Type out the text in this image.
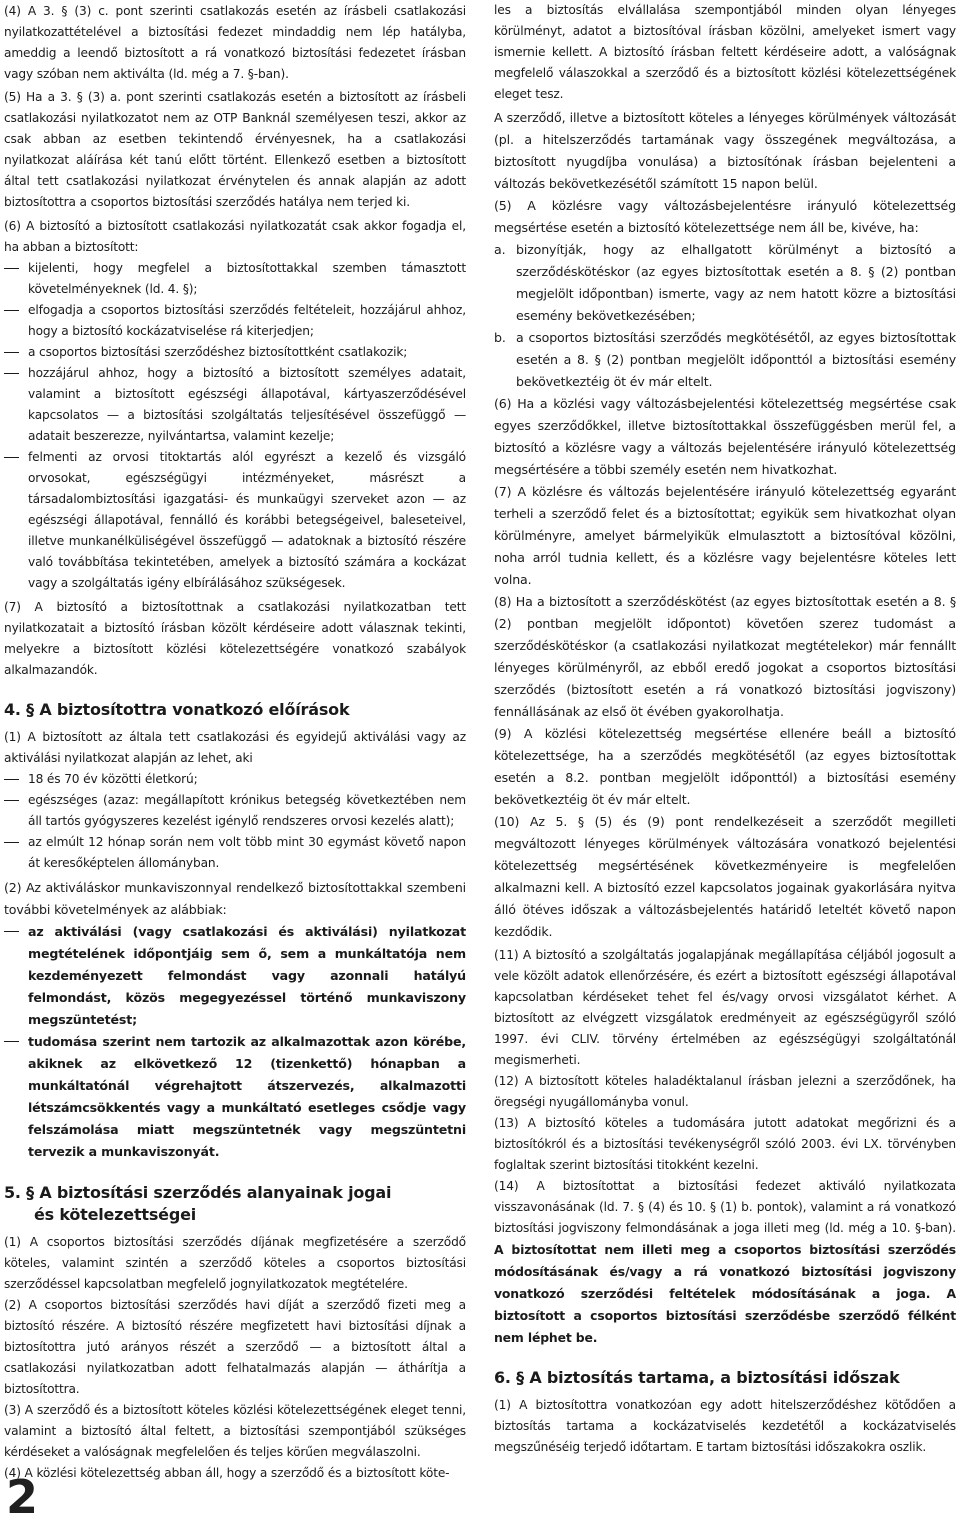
(4) A 3. § (3) c. pont szerinti csatlakozás esetén az írásbeli csatlakozási nyilatkozattételével a biztosítási fedezet mindaddig nem lép hatályba, ameddig a leendő biztosított a rá vonatkozó biztosítási fedezetet írásban vagy szóban nem aktiválta (ld. még a 7. §-ban).

(5) Ha a 3. § (3) a. pont szerinti csatlakozás esetén a biztosított az írásbeli csatlakozási nyilatkozatot nem az OTP Banknál személyesen teszi, akkor az csak abban az esetben tekintendő érvényesnek, ha a csatlakozási nyilatkozat aláírása két tanú előtt történt. Ellenkező esetben a biztosított által tett csatlakozási nyilatkozat érvénytelen és annak alapján az adott biztosítottra a csoportos biztosítási szerződés hatálya nem terjed ki.

(6) A biztosító a biztosított csatlakozási nyilatkozatát csak akkor fogadja el, ha abban a biztosított:

kijelenti, hogy megfelel a biztosítottakkal szemben támasztott követelményeknek (ld. 4. §);
elfogadja a csoportos biztosítási szerződés feltételeit, hozzájárul ahhoz, hogy a biztosító kockázatviselése rá kiterjedjen;
a csoportos biztosítási szerződéshez biztosítottként csatlakozik;
hozzájárul ahhoz, hogy a biztosító a biztosított személyes adatait, valamint a biztosított egészségi állapotával, kártyaszerződésével kapcsolatos — a biztosítási szolgáltatás teljesítésével összefüggő — adatait beszerezze, nyilvántartsa, valamint kezelje;
felmenti az orvosi titoktartás alól egyrészt a kezelő és vizsgáló orvosokat, egészségügyi intézményeket, másrészt a társadalombiztosítási igazgatási- és munkaügyi szerveket azon — az egészségi állapotával, fennálló és korábbi betegségeivel, baleseteivel, illetve munkanélküliségével összefüggő — adatoknak a biztosító részére való továbbítása tekintetében, amelyek a biztosító számára a kockázat vagy a szolgáltatás igény elbírálásához szükségesek.

(7) A biztosító a biztosítottnak a csatlakozási nyilatkozatban tett nyilatkozatait a biztosító írásban közölt kérdéseire adott válasznak tekinti, melyekre a biztosított közlési kötelezettségére vonatkozó szabályok alkalmazandók.

4. § A biztosítottra vonatkozó előírások

(1) A biztosított az általa tett csatlakozási és egyidejű aktiválási vagy az aktiválási nyilatkozat alapján az lehet, aki

18 és 70 év közötti életkorú;
egészséges (azaz: megállapított krónikus betegség következtében nem áll tartós gyógyszeres kezelést igénylő rendszeres orvosi kezelés alatt);
az elmúlt 12 hónap során nem volt több mint 30 egymást követő napon át keresőképtelen állományban.

(2) Az aktiváláskor munkaviszonnyal rendelkező biztosítottakkal szembeni további követelmények az alábbiak:

az aktiválási (vagy csatlakozási és aktiválási) nyilatkozat megtételének időpontjáig sem ő, sem a munkáltatója nem kezdeményezett felmondást vagy azonnali hatályú felmondást, közös megegyezéssel történő munkaviszony megszüntetést;
tudomása szerint nem tartozik az alkalmazottak azon körébe, akiknek az elkövetkező 12 (tizenkettő) hónapban a munkáltatónál végrehajtott átszervezés, alkalmazotti létszámcsökkentés vagy a munkáltató esetleges csődje vagy felszámolása miatt megszüntetnék vagy megszüntetni tervezik a munkaviszonyát.
5. § A biztosítási szerződés alanyainak jogai
és kötelezettségei

(1) A csoportos biztosítási szerződés díjának megfizetésére a szerződő köteles, valamint szintén a szerződő köteles a csoportos biztosítási szerződéssel kapcsolatban megfelelő jognyilatkozatok megtételére.

(2) A csoportos biztosítási szerződés havi díját a szerződő fizeti meg a biztosító részére. A biztosító részére megfizetett havi biztosítási díjnak a biztosítottra jutó arányos részét a szerződő — a biztosított által a csatlakozási nyilatkozatban adott felhatalmazás alapján — áthárítja a biztosítottra.

(3) A szerződő és a biztosított köteles közlési kötelezettségének eleget tenni, valamint a biztosító által feltett, a biztosítási szempontjából szükséges kérdéseket a valóságnak megfelelően és teljes körűen megválaszolni.

(4) A közlési kötelezettség abban áll, hogy a szerződő és a biztosított köte-

les a biztosítás elvállalása szempontjából minden olyan lényeges körülményt, adatot a biztosítóval írásban közölni, amelyeket ismert vagy ismernie kellett. A biztosító írásban feltett kérdéseire adott, a valóságnak megfelelő válaszokkal a szerződő és a biztosított közlési kötelezettségének eleget tesz.

A szerződő, illetve a biztosított köteles a lényeges körülmények változását (pl. a hitelszerződés tartamának vagy összegének megváltozása, a biztosított nyugdíjba vonulása) a biztosítónak írásban bejelenteni a változás bekövetkezésétől számított 15 napon belül.

(5) A közlésre vagy változásbejelentésre irányuló kötelezettség megsértése esetén a biztosító kötelezettsége nem áll be, kivéve, ha:

a. bizonyítják, hogy az elhallgatott körülményt a biztosító a szerződéskötéskor (az egyes biztosítottak esetén a 8. § (2) pontban megjelölt időpontban) ismerte, vagy az nem hatott közre a biztosítási esemény bekövetkezésében;
b. a csoportos biztosítási szerződés megkötésétől, az egyes biztosítottak esetén a 8. § (2) pontban megjelölt időponttól a biztosítási esemény bekövetkeztéig öt év már eltelt.

(6) Ha a közlési vagy változásbejelentési kötelezettség megsértése csak egyes szerződőkkel, illetve biztosítottakkal összefüggésben merül fel, a biztosító a közlésre vagy a változás bejelentésére irányuló kötelezettség megsértésére a többi személy esetén nem hivatkozhat.

(7) A közlésre és változás bejelentésére irányuló kötelezettség egyaránt terheli a szerződő felet és a biztosítottat; egyikük sem hivatkozhat olyan körülményre, amelyet bármelyikük elmulasztott a biztosítóval közölni, noha arról tudnia kellett, és a közlésre vagy bejelentésre köteles lett volna.

(8) Ha a biztosított a szerződéskötést (az egyes biztosítottak esetén a 8. § (2) pontban megjelölt időpontot) követően szerez tudomást a szerződéskötéskor (a csatlakozási nyilatkozat megtételekor) már fennállt lényeges körülményről, az ebből eredő jogokat a csoportos biztosítási szerződés (biztosított esetén a rá vonatkozó biztosítási jogviszony) fennállásának az első öt évében gyakorolhatja.

(9) A közlési kötelezettség megsértése ellenére beáll a biztosító kötelezettsége, ha a szerződés megkötésétől (az egyes biztosítottak esetén a 8.2. pontban megjelölt időponttól) a biztosítási esemény bekövetkeztéig öt év már eltelt.

(10) Az 5. § (5) és (9) pont rendelkezéseit a szerződőt megilleti megváltozott lényeges körülmények változására vonatkozó bejelentési kötelezettség megsértésének következményeire is megfelelően alkalmazni kell. A biztosító ezzel kapcsolatos jogainak gyakorlására nyitva álló ötéves időszak a változásbejelentés határidő leteltét követő napon kezdődik.

(11) A biztosító a szolgáltatás jogalapjának megállapítása céljából jogosult a vele közölt adatok ellenőrzésére, és ezért a biztosított egészségi állapotával kapcsolatban kérdéseket tehet fel és/vagy orvosi vizsgálatot kérhet. A biztosított az elvégzett vizsgálatok eredményeit az egészségügyről szóló 1997. évi CLIV. törvény értelmében az egészségügyi szolgáltatónál megismerheti.

(12) A biztosított köteles haladéktalanul írásban jelezni a szerződőnek, ha öregségi nyugállományba vonul.

(13) A biztosító köteles a tudomására jutott adatokat megőrizni és a biztosítókról és a biztosítási tevékenységről szóló 2003. évi LX. törvényben foglaltak szerint biztosítási titokként kezelni.

(14) A biztosítottat a biztosítási fedezet aktiváló nyilatkozata visszavonásának (ld. 7. § (4) és 10. § (1) b. pontok), valamint a rá vonatkozó biztosítási jogviszony felmondásának a joga illeti meg (ld. még a 10. §-ban). A biztosítottat nem illeti meg a csoportos biztosítási szerződés módosításának és/vagy a rá vonatkozó biztosítási jogviszony vonatkozó szerződési feltételek módosításának a joga. A biztosított a csoportos biztosítási szerződésbe szerződő félként nem léphet be.

6. § A biztosítás tartama, a biztosítási időszak

(1) A biztosítottra vonatkozóan egy adott hitelszerződéshez kötődően a biztosítás tartama a kockázatviselés kezdetétől a kockázatviselés megszűnéséig terjedő időtartam. E tartam biztosítási időszakokra oszlik.

2
